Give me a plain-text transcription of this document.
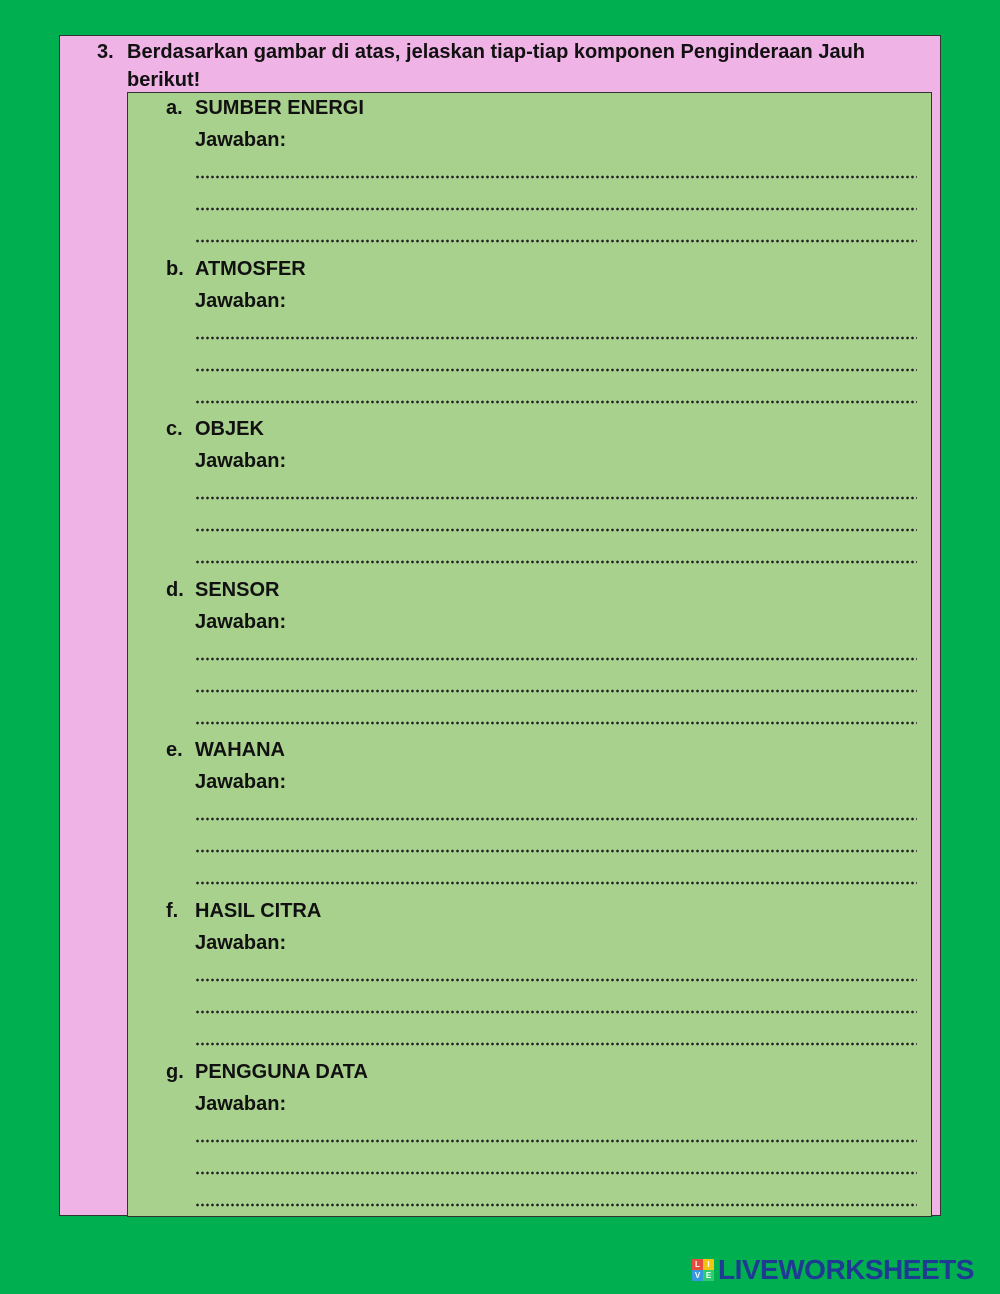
3. Berdasarkan gambar di atas, jelaskan tiap-tiap komponen Penginderaan Jauh berikut!
a. SUMBER ENERGI
Jawaban:
b. ATMOSFER
Jawaban:
c. OBJEK
Jawaban:
d. SENSOR
Jawaban:
e. WAHANA
Jawaban:
f. HASIL CITRA
Jawaban:
g. PENGGUNA DATA
Jawaban:
L I
V E LIVEWORKSHEETS
